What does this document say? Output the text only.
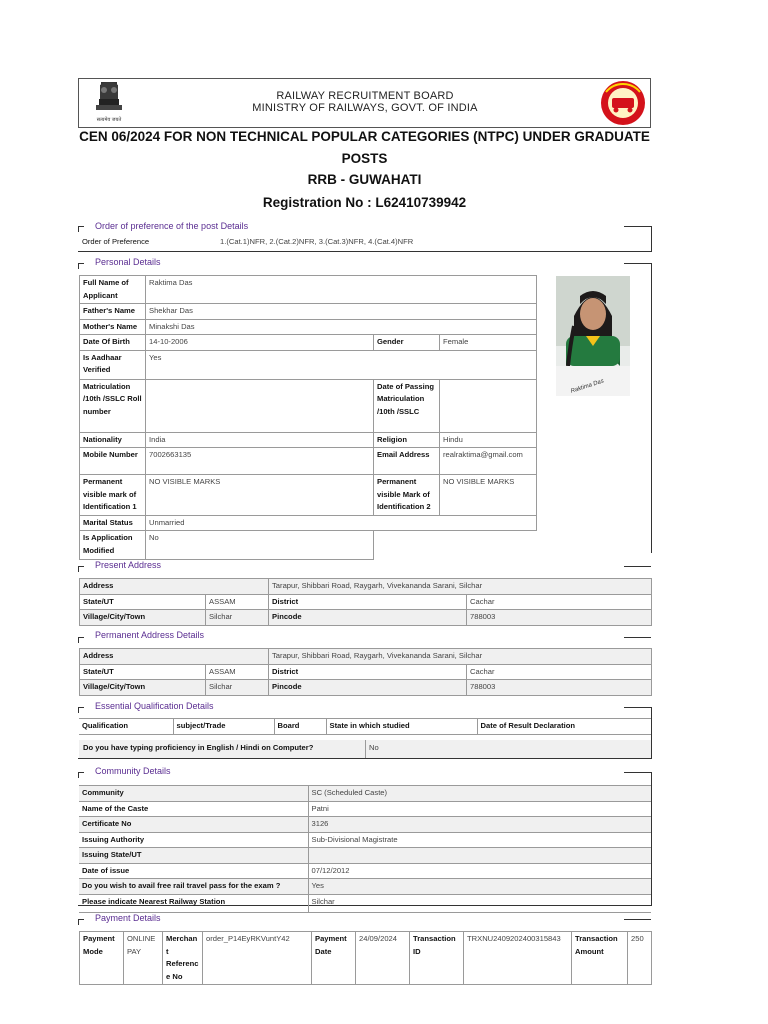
सत्यमेव जयते
RAILWAY RECRUITMENT BOARD
MINISTRY OF RAILWAYS, GOVT. OF INDIA
CEN 06/2024 FOR NON TECHNICAL POPULAR CATEGORIES (NTPC) UNDER GRADUATE
POSTS
RRB - GUWAHATI
Registration No : L62410739942
Order of preference of the post Details
Order of Preference	1.(Cat.1)NFR, 2.(Cat.2)NFR, 3.(Cat.3)NFR, 4.(Cat.4)NFR
Personal Details
Full Name of Applicant	Raktima Das		
Father's Name	Shekhar Das		
Mother's Name	Minakshi Das		
Date Of Birth	14-10-2006	Gender	Female
Is Aadhaar Verified	Yes		
Matriculation /10th /SSLC Roll number		Date of Passing Matriculation /10th /SSLC	
Nationality	India	Religion	Hindu
Mobile Number	7002663135	Email Address	realraktima@gmail.com
Permanent visible mark of Identification 1	NO VISIBLE MARKS	Permanent visible Mark of Identification 2	NO VISIBLE MARKS
Marital Status	Unmarried		
Is Application Modified	No		
Raktima Das
Present Address
Address		Tarapur, Shibbari Road, Raygarh, Vivekananda Sarani, Silchar	
State/UT	ASSAM	District	Cachar
Village/City/Town	Silchar	Pincode	788003
Permanent Address Details
Address		Tarapur, Shibbari Road, Raygarh, Vivekananda Sarani, Silchar	
State/UT	ASSAM	District	Cachar
Village/City/Town	Silchar	Pincode	788003
Essential Qualification Details
Qualification	subject/Trade	Board	State in which studied	Date of Result Declaration
Do you have typing proficiency in English / Hindi on Computer?	No
Community Details
Community	SC (Scheduled Caste)
Name of the Caste	Patni
Certificate No	3126
Issuing Authority	Sub-Divisional Magistrate
Issuing State/UT	
Date of issue	07/12/2012
Do you wish to avail free rail travel pass for the exam ?	Yes
Please indicate Nearest Railway Station	Silchar
Payment Details
Payment Mode	ONLINE PAY	Merchant Reference No	order_P14EyRKVuntY42	Payment Date	24/09/2024	Transaction ID	TRXNU2409202400315843	Transaction Amount	250
